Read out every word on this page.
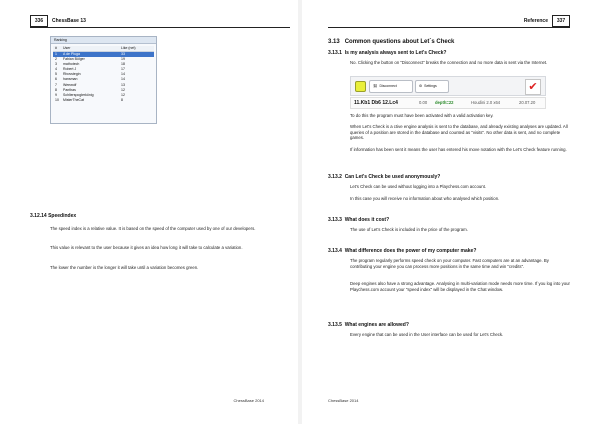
336	ChessBase 13
Ranking
#	User	Like (net)
1	A de Pluga	33
2	Fabian Bölger	19
3	mathotech	18
4	Robert J	17
5	Rbovstegin	14
6	hansman	14
7	Weewolf	13
8	Panthas	12
9	Schlierspoglerkönig	12
10	MisterTheCat	8
3.12.14 Speedindex
The speed index is a relative value. It is based on the speed of the computer used by one of our developers.
This value is relevant to the user because it gives an idea how long it will take to calculate a variation.
The lower the number is the longer it will take until a variation becomes green.
ChessBase 2014
Reference	337
ChessBase 2014
3.13 Common questions about Let´s Check
3.13.1 Is my analysis always sent to Let's Check?
No. Clicking the button on "Disconnect" breaks the connection and no more data is sent via the Internet.
⛓ Disconnect	⚙ Settings	✔
11.Kb1 Db6 12.Lc4	0.00 depth=22	Houdini 2.0 x64	20.07.20
To do this the program must have been activated with a valid activation key.
When Let's Check is a ctive engine analysis is sent to the database, and already existing analyses are updated. All queries of a position are stored in the database and counted as "visits". No other data is sent, and no complete games.
If information has been sent it means the user has entered his move notation with the Let's Check feature running.
3.13.2 Can Let's Check be used anonymously?
Let's Check can be used without logging into a Playchess.com account.
In this case you will receive no information about who analysed which position.
3.13.3 What does it cost?
The use of Let's Check is included in the price of the program.
3.13.4 What difference does the power of my computer make?
The program regularly performs speed check on your computer. Fast computers are at an advantage. By contributing your engine you can process more positions in the same time and win "credits".
Deep engines also have a strong advantage. Analysing in multi-variation mode needs more time. If you log into your Playchess.com account your "speed index" will be displayed in the Chat window.
3.13.5 What engines are allowed?
Every engine that can be used in the User interface can be used for Let's Check.
